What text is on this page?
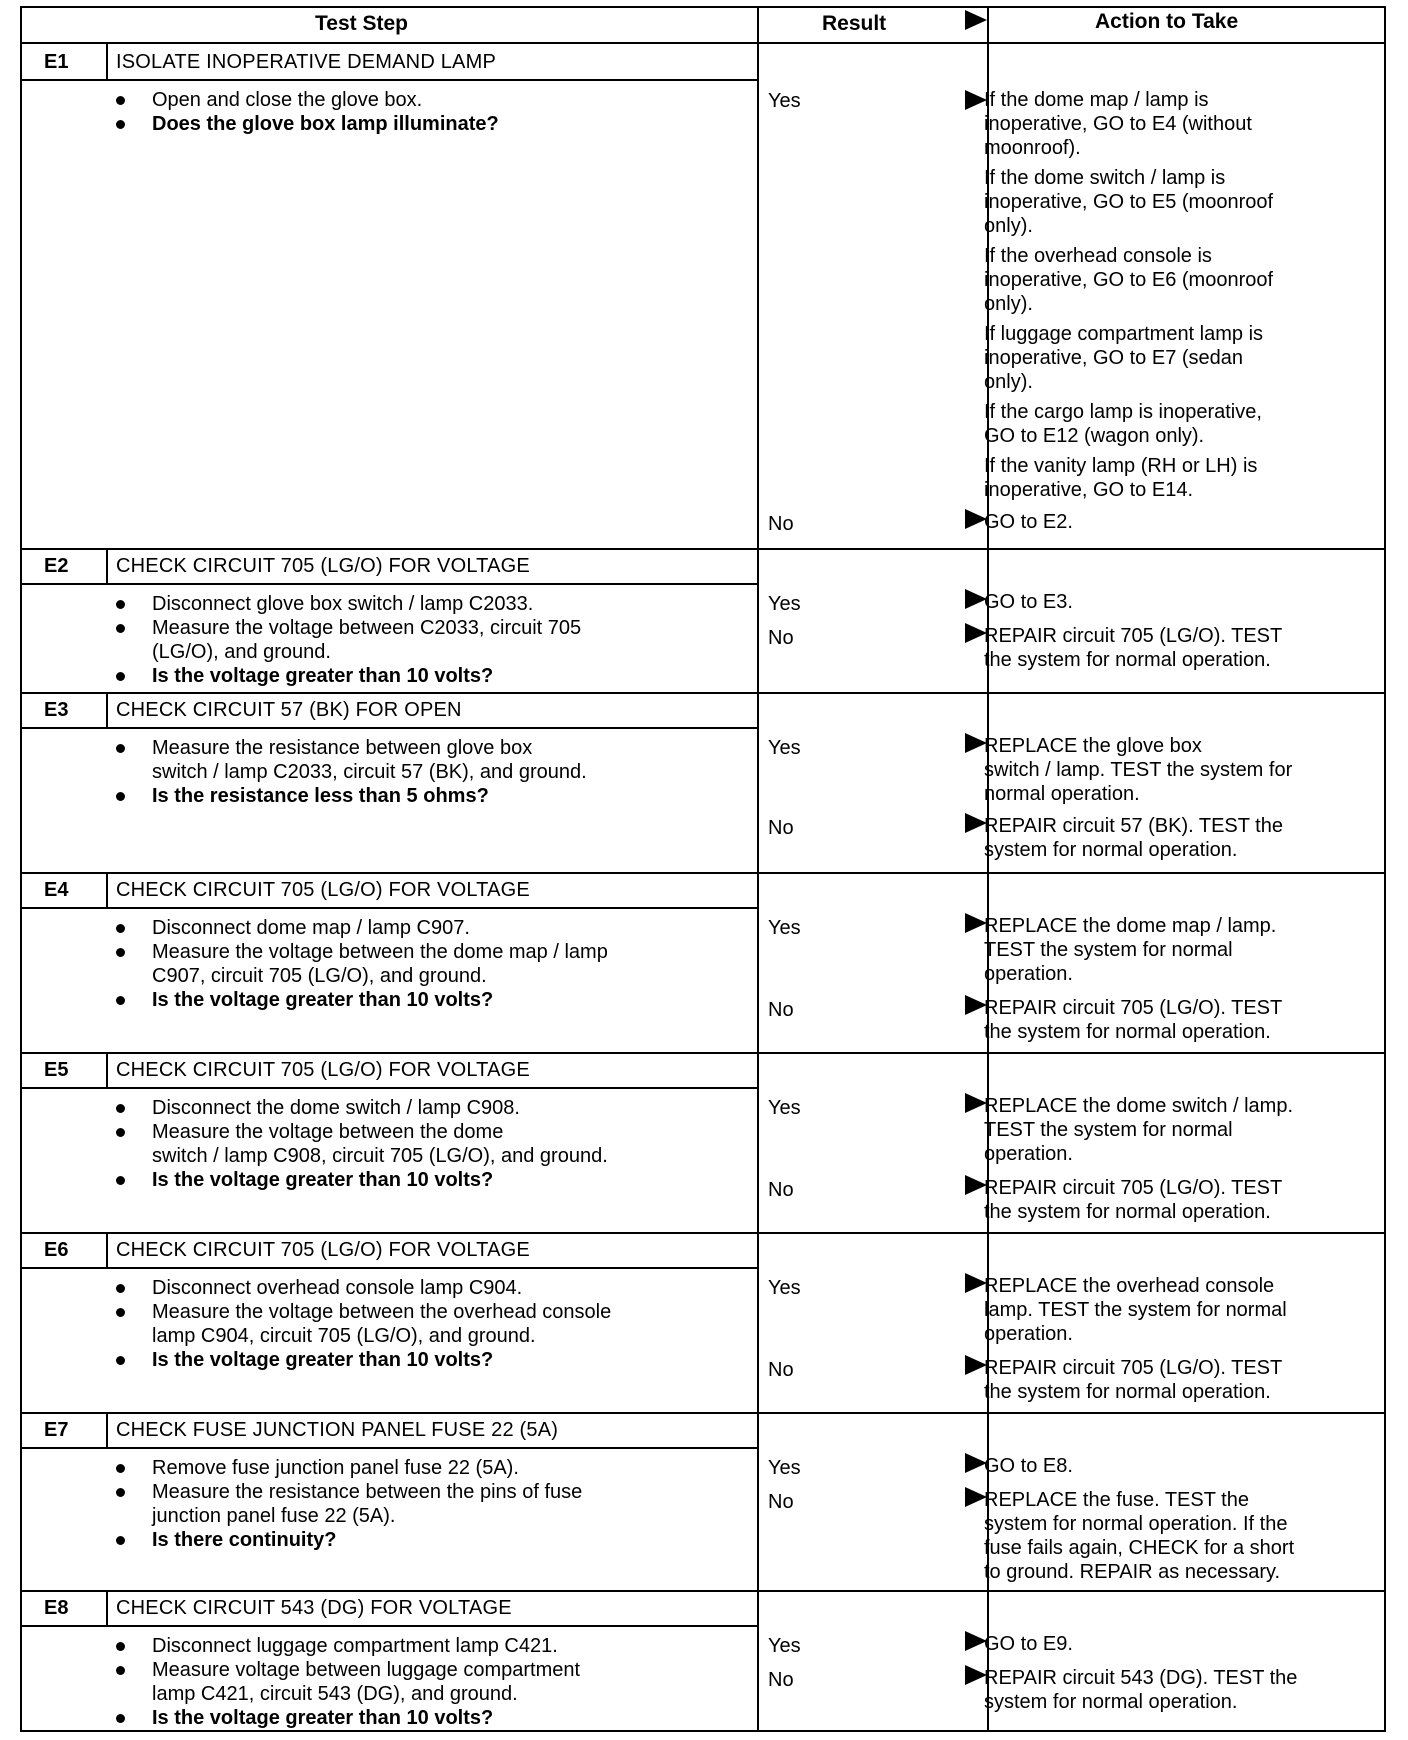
Test Step	Result	Action to Take
E1 ISOLATE INOPERATIVE DEMAND LAMP
Open and close the glove box.
Does the glove box lamp illuminate?
Yes	If the dome map / lamp is
inoperative, GO to E4 (without
moonroof).
If the dome switch / lamp is
inoperative, GO to E5 (moonroof
only).
If the overhead console is
inoperative, GO to E6 (moonroof
only).
If luggage compartment lamp is
inoperative, GO to E7 (sedan
only).
If the cargo lamp is inoperative,
GO to E12 (wagon only).
If the vanity lamp (RH or LH) is
inoperative, GO to E14.
No	GO to E2.
E2 CHECK CIRCUIT 705 (LG/O) FOR VOLTAGE
Disconnect glove box switch / lamp C2033.
Measure the voltage between C2033, circuit 705
(LG/O), and ground.
Is the voltage greater than 10 volts?
Yes	GO to E3.
No	REPAIR circuit 705 (LG/O). TEST
the system for normal operation.
E3 CHECK CIRCUIT 57 (BK) FOR OPEN
Measure the resistance between glove box
switch / lamp C2033, circuit 57 (BK), and ground.
Is the resistance less than 5 ohms?
Yes	REPLACE the glove box
switch / lamp. TEST the system for
normal operation.
No	REPAIR circuit 57 (BK). TEST the
system for normal operation.
E4 CHECK CIRCUIT 705 (LG/O) FOR VOLTAGE
Disconnect dome map / lamp C907.
Measure the voltage between the dome map / lamp
C907, circuit 705 (LG/O), and ground.
Is the voltage greater than 10 volts?
Yes	REPLACE the dome map / lamp.
TEST the system for normal
operation.
No	REPAIR circuit 705 (LG/O). TEST
the system for normal operation.
E5 CHECK CIRCUIT 705 (LG/O) FOR VOLTAGE
Disconnect the dome switch / lamp C908.
Measure the voltage between the dome
switch / lamp C908, circuit 705 (LG/O), and ground.
Is the voltage greater than 10 volts?
Yes	REPLACE the dome switch / lamp.
TEST the system for normal
operation.
No	REPAIR circuit 705 (LG/O). TEST
the system for normal operation.
E6 CHECK CIRCUIT 705 (LG/O) FOR VOLTAGE
Disconnect overhead console lamp C904.
Measure the voltage between the overhead console
lamp C904, circuit 705 (LG/O), and ground.
Is the voltage greater than 10 volts?
Yes	REPLACE the overhead console
lamp. TEST the system for normal
operation.
No	REPAIR circuit 705 (LG/O). TEST
the system for normal operation.
E7 CHECK FUSE JUNCTION PANEL FUSE 22 (5A)
Remove fuse junction panel fuse 22 (5A).
Measure the resistance between the pins of fuse
junction panel fuse 22 (5A).
Is there continuity?
Yes	GO to E8.
No	REPLACE the fuse. TEST the
system for normal operation. If the
fuse fails again, CHECK for a short
to ground. REPAIR as necessary.
E8 CHECK CIRCUIT 543 (DG) FOR VOLTAGE
Disconnect luggage compartment lamp C421.
Measure voltage between luggage compartment
lamp C421, circuit 543 (DG), and ground.
Is the voltage greater than 10 volts?
Yes	GO to E9.
No	REPAIR circuit 543 (DG). TEST the
system for normal operation.
